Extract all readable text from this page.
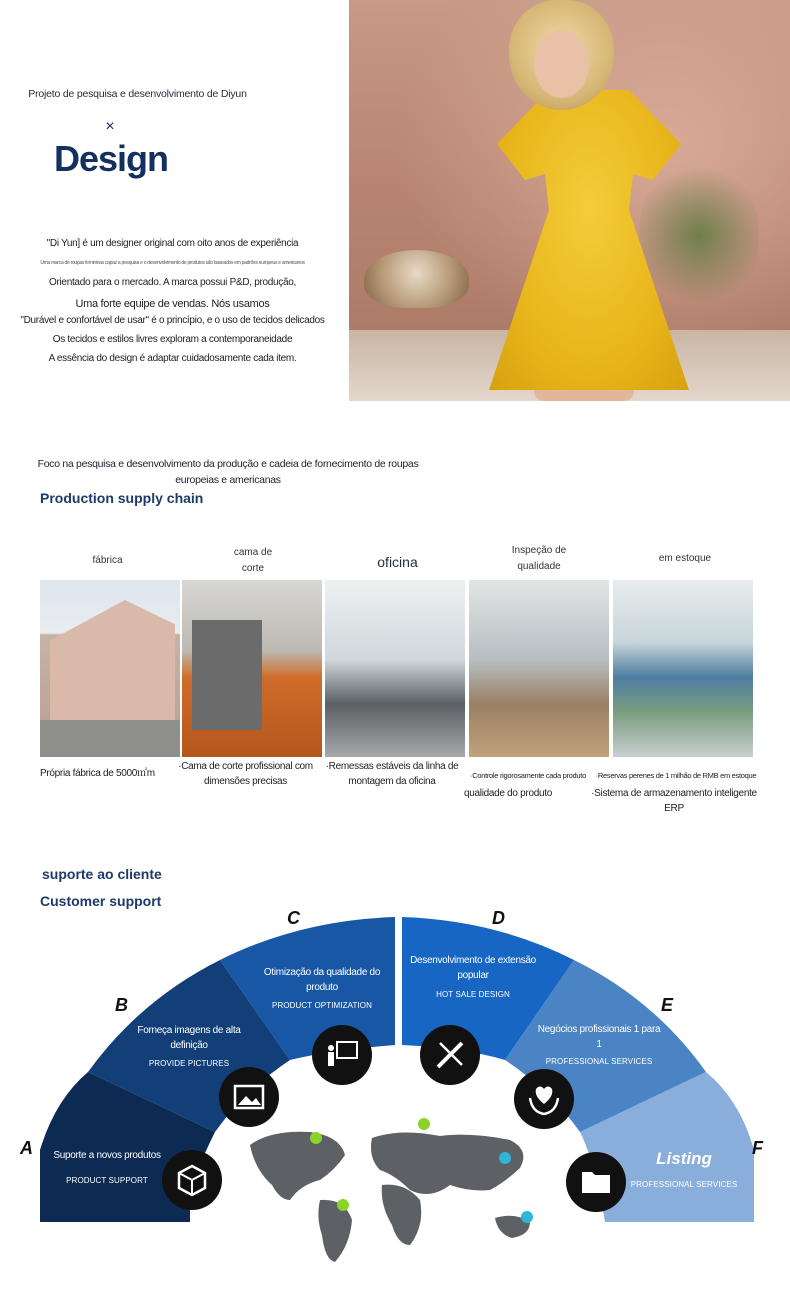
Projeto de pesquisa e desenvolvimento de Diyun
×
Design
"Di Yun] é um designer original com oito anos de experiência
Uma marca de roupas femininas capaz a pesquisa e o desenvolvimento de produtos são baseados em padrões europeus e americanos
Orientado para o mercado. A marca possui P&D, produção,
Uma forte equipe de vendas. Nós usamos
"Durável e confortável de usar" é o princípio, e o uso de tecidos delicados
Os tecidos e estilos livres exploram a contemporaneidade
A essência do design é adaptar cuidadosamente cada item.
Foco na pesquisa e desenvolvimento da produção e cadeia de fornecimento de roupas europeias e americanas
Production supply chain
fábrica
cama de corte	oficina
Inspeção de qualidade
em estoque
Própria fábrica de 5000㎡m
·Cama de corte profissional com dimensões precisas
·Remessas estáveis da linha de montagem da oficina
·Controle rigorosamente cada produto
qualidade do produto
·Reservas perenes de 1 milhão de RMB em estoque
·Sistema de armazenamento inteligente ERP
suporte ao cliente
Customer support
A
B
C	D
E
F
Suporte a novos produtos
PRODUCT SUPPORT
Forneça imagens de alta definição
PROVIDE PICTURES
Otimização da qualidade do produto
PRODUCT OPTIMIZATION
Desenvolvimento de extensão popular
HOT SALE DESIGN
Negócios profissionais 1 para 1
PROFESSIONAL SERVICES
Listing
PROFESSIONAL SERVICES
